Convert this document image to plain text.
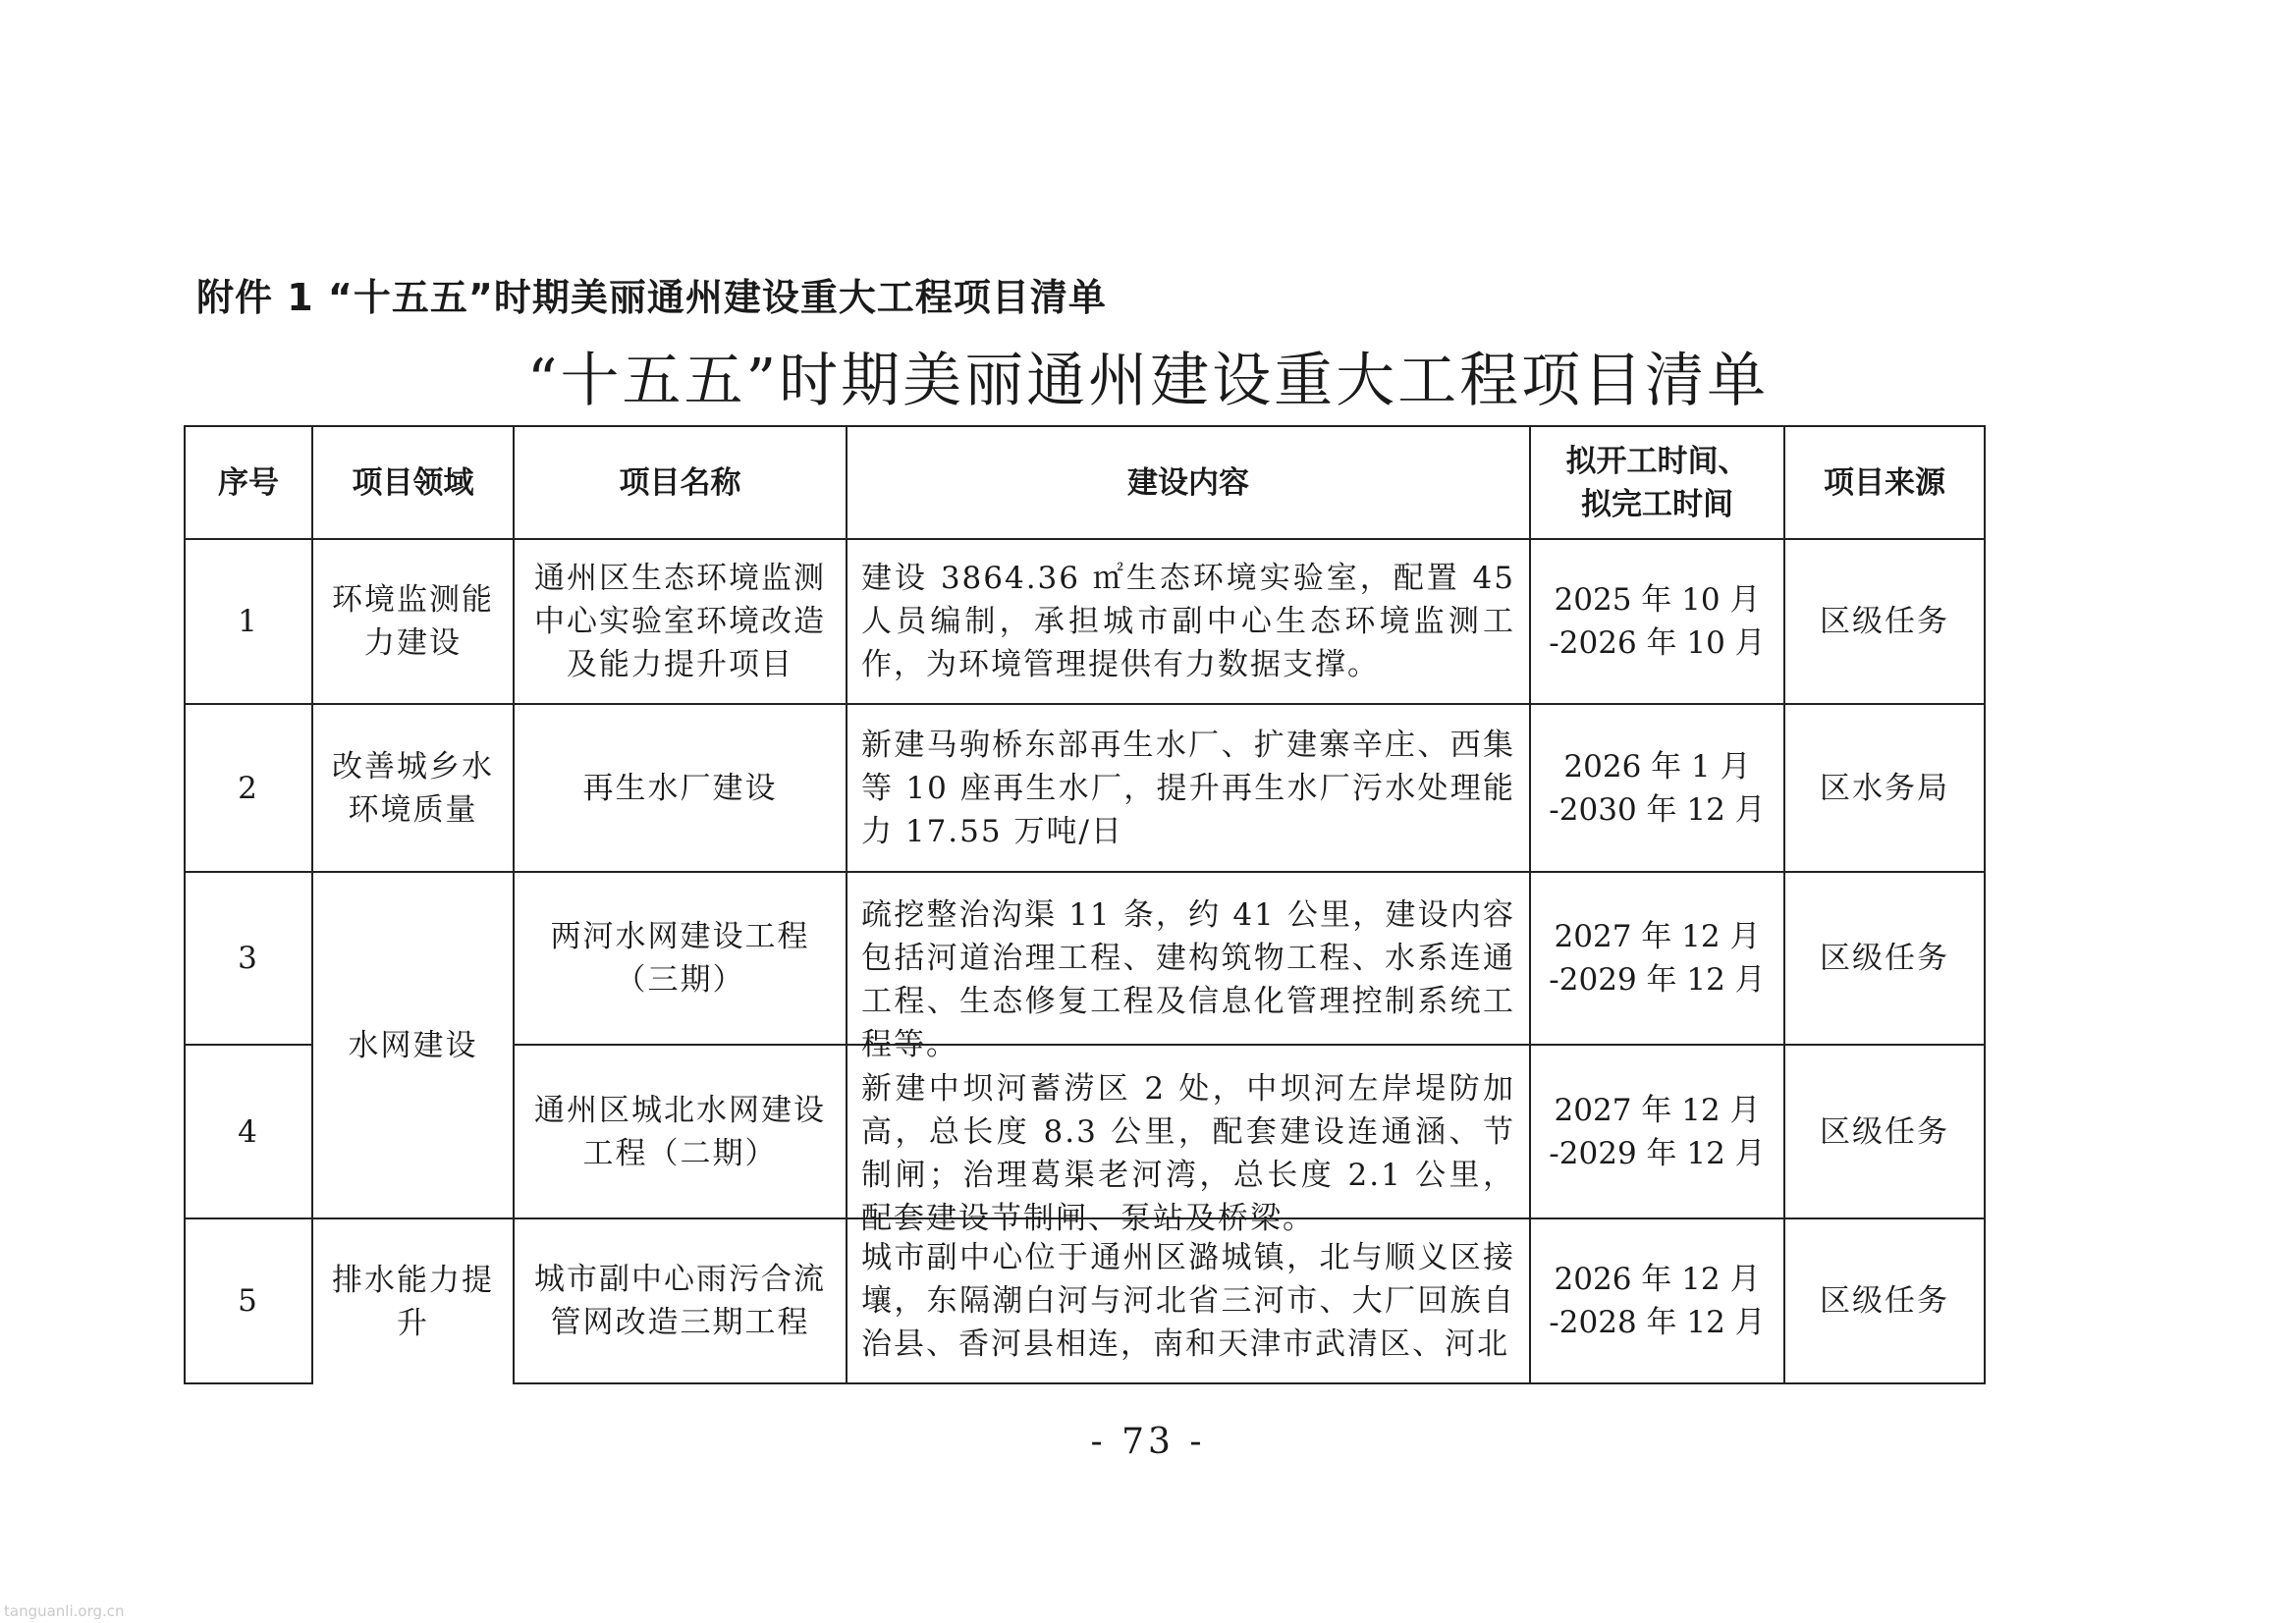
附件 1 “十五五”时期美丽通州建设重大工程项目清单
“十五五”时期美丽通州建设重大工程项目清单
序号	项目领域	项目名称	建设内容	拟开工时间、
拟完工时间	项目来源
1	环境监测能力建设	通州区生态环境监测中心实验室环境改造及能力提升项目	建设 3864.36 ㎡生态环境实验室，配置 45 人员编制，承担城市副中心生态环境监测工作，为环境管理提供有力数据支撑。	2025 年 10 月
-2026 年 10 月	区级任务
2	改善城乡水环境质量	再生水厂建设	新建马驹桥东部再生水厂、扩建寨辛庄、西集等 10 座再生水厂，提升再生水厂污水处理能力 17.55 万吨/日	2026 年 1 月
-2030 年 12 月	区水务局
3	水网建设	两河水网建设工程（三期）	疏挖整治沟渠 11 条，约 41 公里，建设内容包括河道治理工程、建构筑物工程、水系连通工程、生态修复工程及信息化管理控制系统工程等。	2027 年 12 月
-2029 年 12 月	区级任务
4		通州区城北水网建设工程（二期）	新建中坝河蓄涝区 2 处，中坝河左岸堤防加高，总长度 8.3 公里，配套建设连通涵、节制闸；治理葛渠老河湾，总长度 2.1 公里，配套建设节制闸、泵站及桥梁。	2027 年 12 月
-2029 年 12 月	区级任务
5	排水能力提升	城市副中心雨污合流管网改造三期工程	城市副中心位于通州区潞城镇，北与顺义区接壤，东隔潮白河与河北省三河市、大厂回族自治县、香河县相连，南和天津市武清区、河北	2026 年 12 月
-2028 年 12 月	区级任务
- 73 -
tanguanli.org.cn
